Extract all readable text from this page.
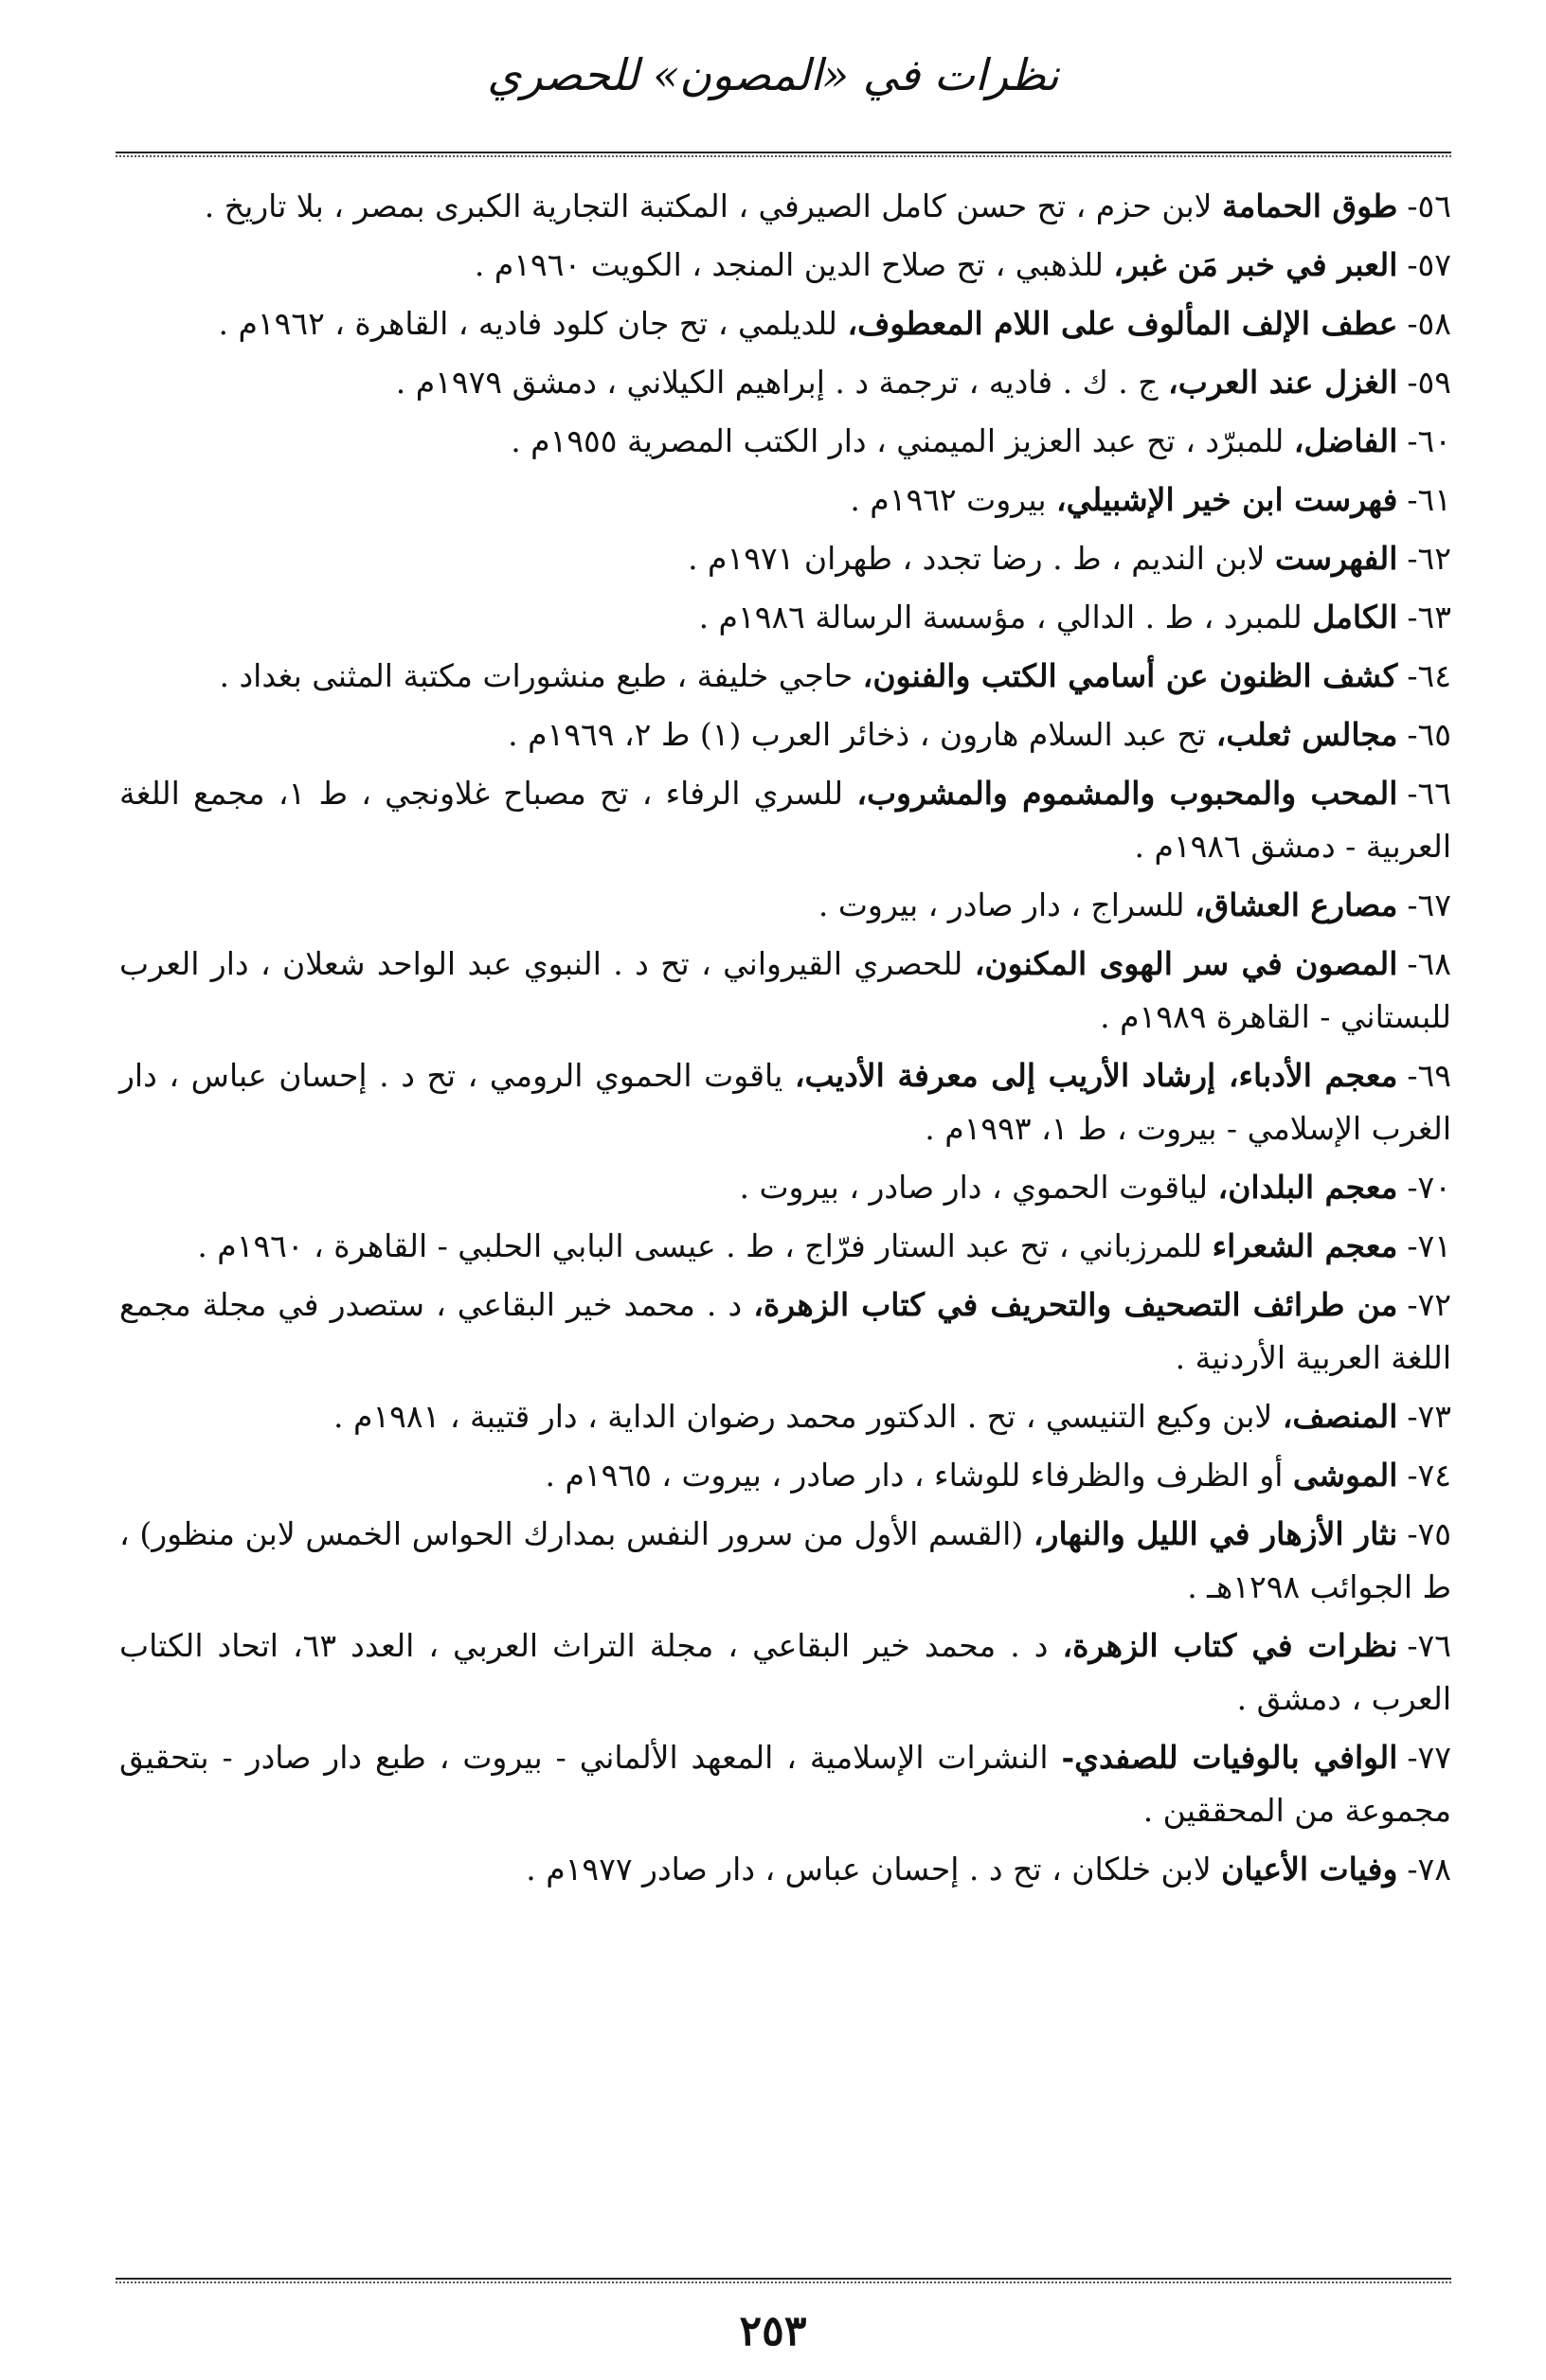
نظرات في «المصون» للحصري
٥٦-طوق الحمامة لابن حزم ، تح حسن كامل الصيرفي ، المكتبة التجارية الكبرى بمصر ، بلا تاريخ .
٥٧-العبر في خبر مَن غبر، للذهبي ، تح صلاح الدين المنجد ، الكويت ١٩٦٠م .
٥٨-عطف الإلف المألوف على اللام المعطوف، للديلمي ، تح جان كلود فاديه ، القاهرة ، ١٩٦٢م .
٥٩-الغزل عند العرب، ج . ك . فاديه ، ترجمة د . إبراهيم الكيلاني ، دمشق ١٩٧٩م .
٦٠-الفاضل، للمبرّد ، تح عبد العزيز الميمني ، دار الكتب المصرية ١٩٥٥م .
٦١-فهرست ابن خير الإشبيلي، بيروت ١٩٦٢م .
٦٢-الفهرست لابن النديم ، ط . رضا تجدد ، طهران ١٩٧١م .
٦٣-الكامل للمبرد ، ط . الدالي ، مؤسسة الرسالة ١٩٨٦م .
٦٤-كشف الظنون عن أسامي الكتب والفنون، حاجي خليفة ، طبع منشورات مكتبة المثنى بغداد .
٦٥-مجالس ثعلب، تح عبد السلام هارون ، ذخائر العرب (١) ط ٢، ١٩٦٩م .
٦٦-المحب والمحبوب والمشموم والمشروب، للسري الرفاء ، تح مصباح غلاونجي ، ط ١، مجمع اللغة العربية - دمشق ١٩٨٦م .
٦٧-مصارع العشاق، للسراج ، دار صادر ، بيروت .
٦٨-المصون في سر الهوى المكنون، للحصري القيرواني ، تح د . النبوي عبد الواحد شعلان ، دار العرب للبستاني - القاهرة ١٩٨٩م .
٦٩-معجم الأدباء، إرشاد الأريب إلى معرفة الأديب، ياقوت الحموي الرومي ، تح د . إحسان عباس ، دار الغرب الإسلامي - بيروت ، ط ١، ١٩٩٣م .
٧٠-معجم البلدان، لياقوت الحموي ، دار صادر ، بيروت .
٧١-معجم الشعراء للمرزباني ، تح عبد الستار فرّاج ، ط . عيسى البابي الحلبي - القاهرة ، ١٩٦٠م .
٧٢-من طرائف التصحيف والتحريف في كتاب الزهرة، د . محمد خير البقاعي ، ستصدر في مجلة مجمع اللغة العربية الأردنية .
٧٣-المنصف، لابن وكيع التنيسي ، تح . الدكتور محمد رضوان الداية ، دار قتيبة ، ١٩٨١م .
٧٤-الموشى أو الظرف والظرفاء للوشاء ، دار صادر ، بيروت ، ١٩٦٥م .
٧٥-نثار الأزهار في الليل والنهار، (القسم الأول من سرور النفس بمدارك الحواس الخمس لابن منظور) ، ط الجوائب ١٢٩٨هـ .
٧٦-نظرات في كتاب الزهرة، د . محمد خير البقاعي ، مجلة التراث العربي ، العدد ٦٣، اتحاد الكتاب العرب ، دمشق .
٧٧-الوافي بالوفيات للصفدي- النشرات الإسلامية ، المعهد الألماني - بيروت ، طبع دار صادر - بتحقيق مجموعة من المحققين .
٧٨-وفيات الأعيان لابن خلكان ، تح د . إحسان عباس ، دار صادر ١٩٧٧م .
٢٥٣
